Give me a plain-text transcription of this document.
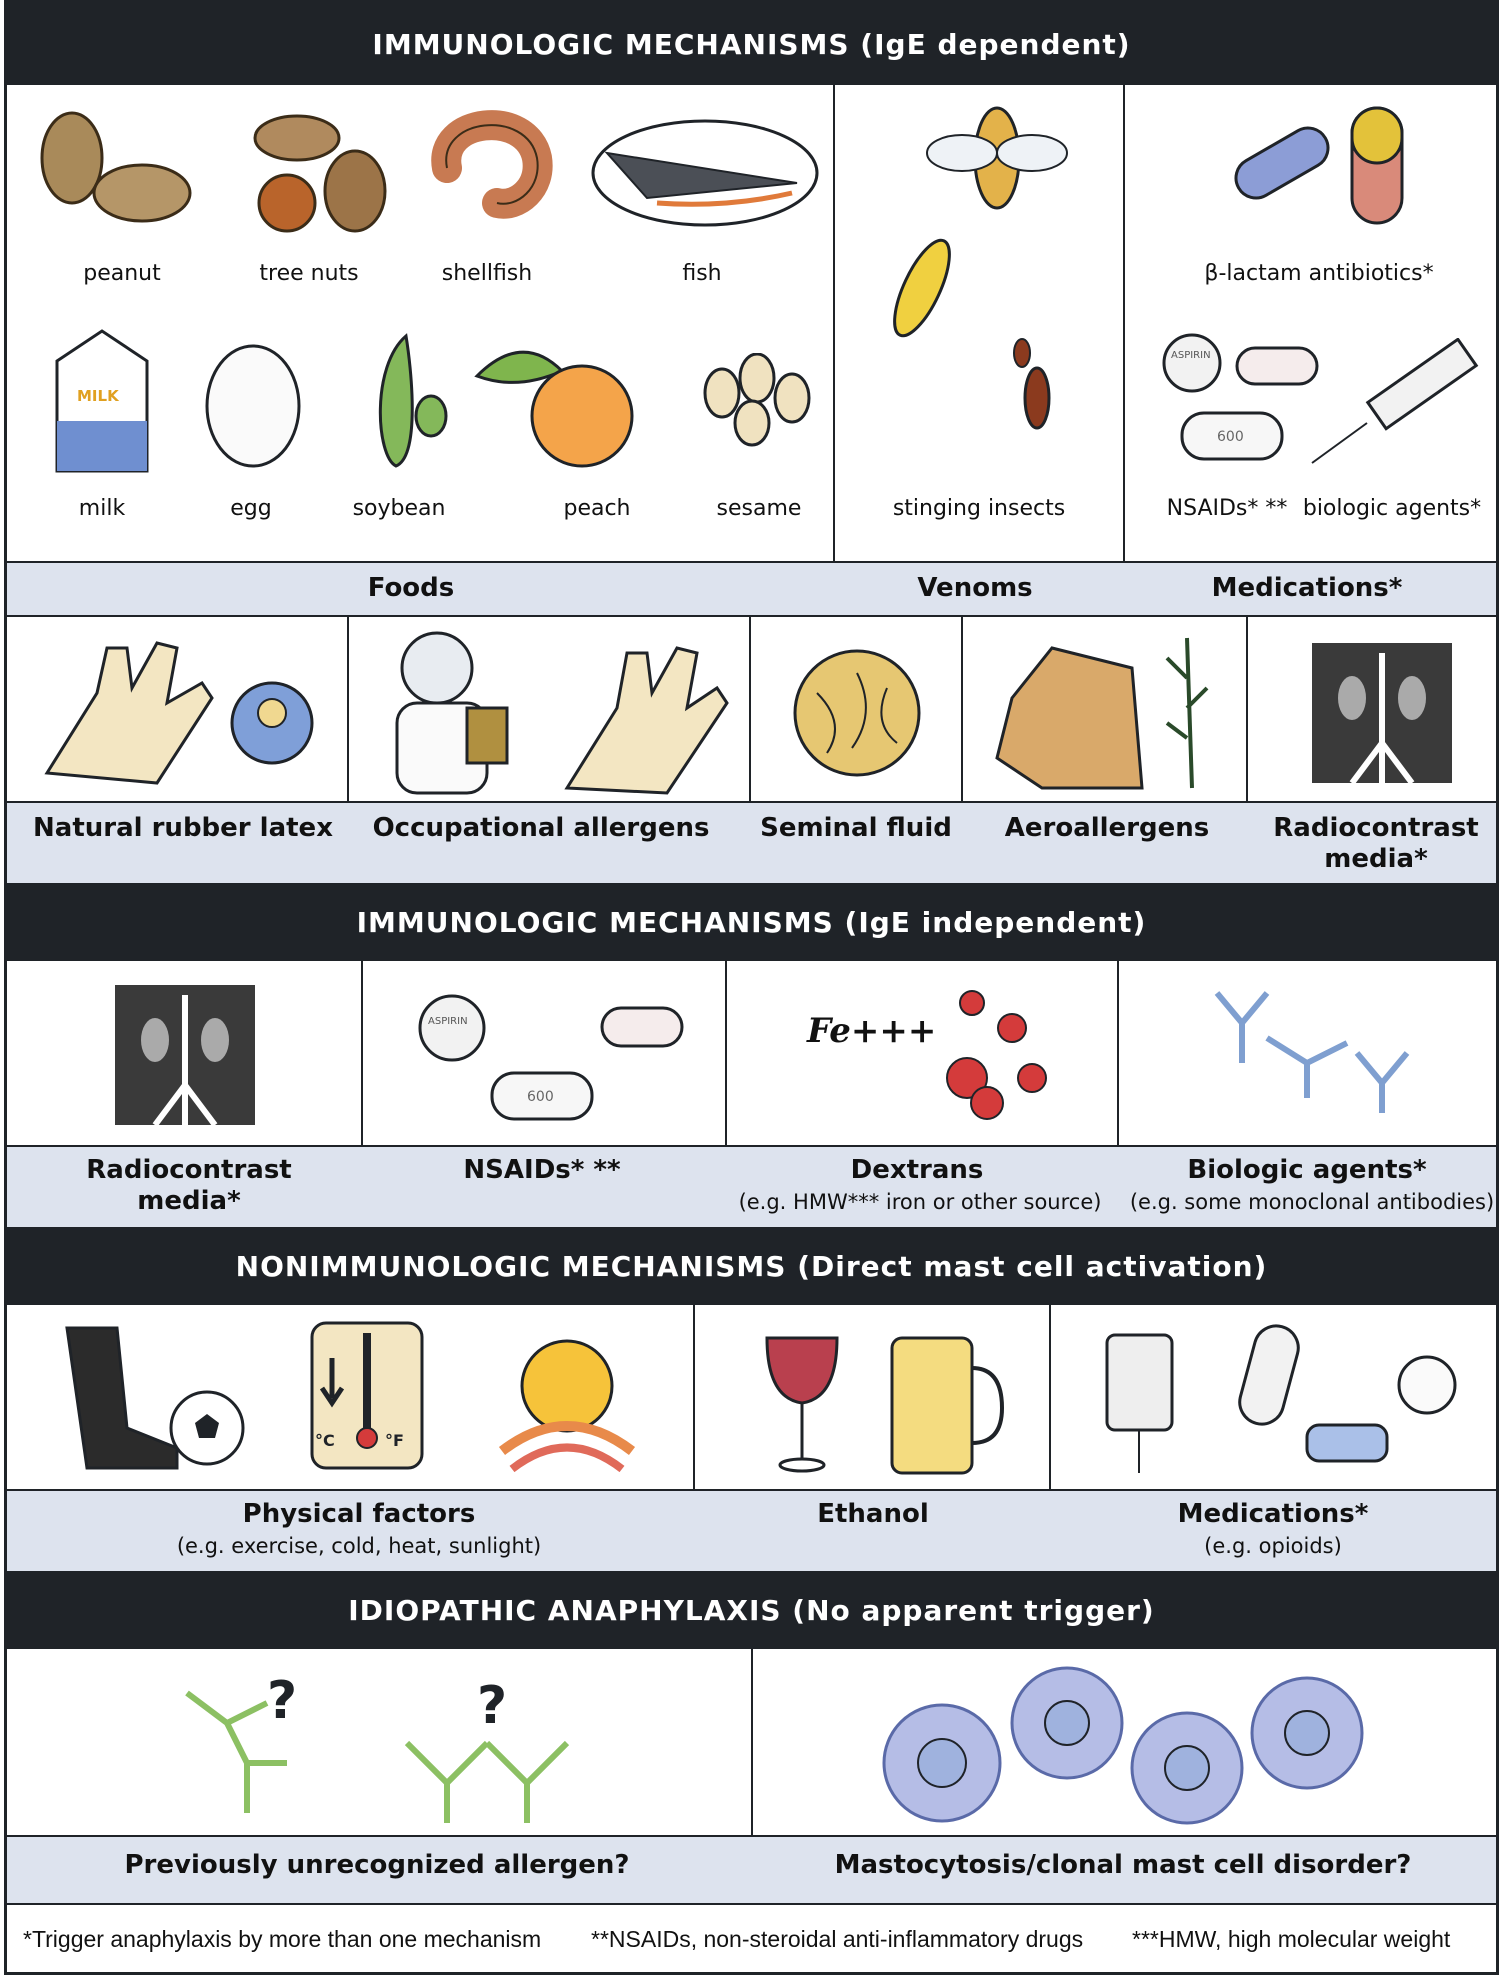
IMMUNOLOGIC MECHANISMS (IgE dependent)
peanut	tree nuts	shellfish	fish
MILK
milk	egg	soybean	peach	sesame	stinging insects
β-lactam antibiotics*
ASPIRIN
600
NSAIDs* ** biologic agents*
Foods	Venoms	Medications*
Natural rubber latex Occupational allergens Seminal fluid Aeroallergens Radiocontrast
media*
IMMUNOLOGIC MECHANISMS (IgE independent)
ASPIRIN
600
Fe+++
Radiocontrast
media*
NSAIDs* **	Dextrans
(e.g. HMW*** iron or other source)
Biologic agents*
(e.g. some monoclonal antibodies)
NONIMMUNOLOGIC MECHANISMS (Direct mast cell activation)
°C	°F
Physical factors
(e.g. exercise, cold, heat, sunlight)
Ethanol	Medications*
(e.g. opioids)
IDIOPATHIC ANAPHYLAXIS (No apparent trigger)
?	?
Previously unrecognized allergen?	Mastocytosis/clonal mast cell disorder?
*Trigger anaphylaxis by more than one mechanism **NSAIDs, non-steroidal anti-inflammatory drugs ***HMW, high molecular weight
